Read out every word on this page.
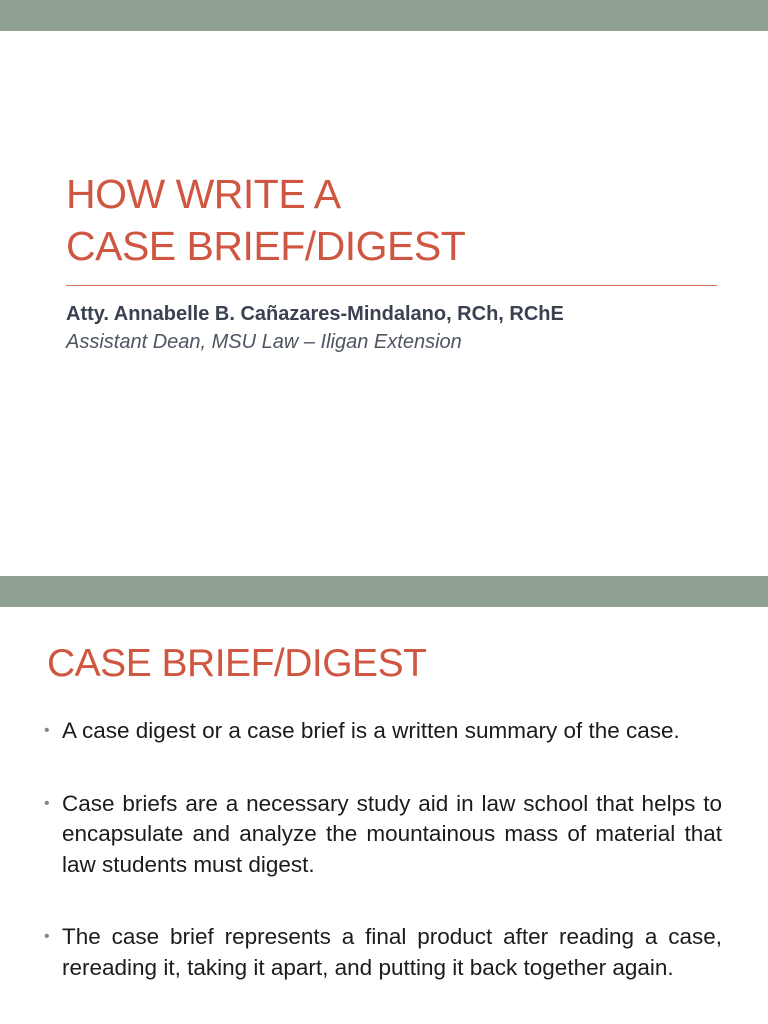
HOW WRITE A
CASE BRIEF/DIGEST

Atty. Annabelle B. Cañazares-Mindalano, RCh, RChE

Assistant Dean, MSU Law – Iligan Extension

CASE BRIEF/DIGEST
• A case digest or a case brief is a written summary of the case.
• Case briefs are a necessary study aid in law school that helps to encapsulate and analyze the mountainous mass of material that law students must digest.
• The case brief represents a final product after reading a case, rereading it, taking it apart, and putting it back together again.
